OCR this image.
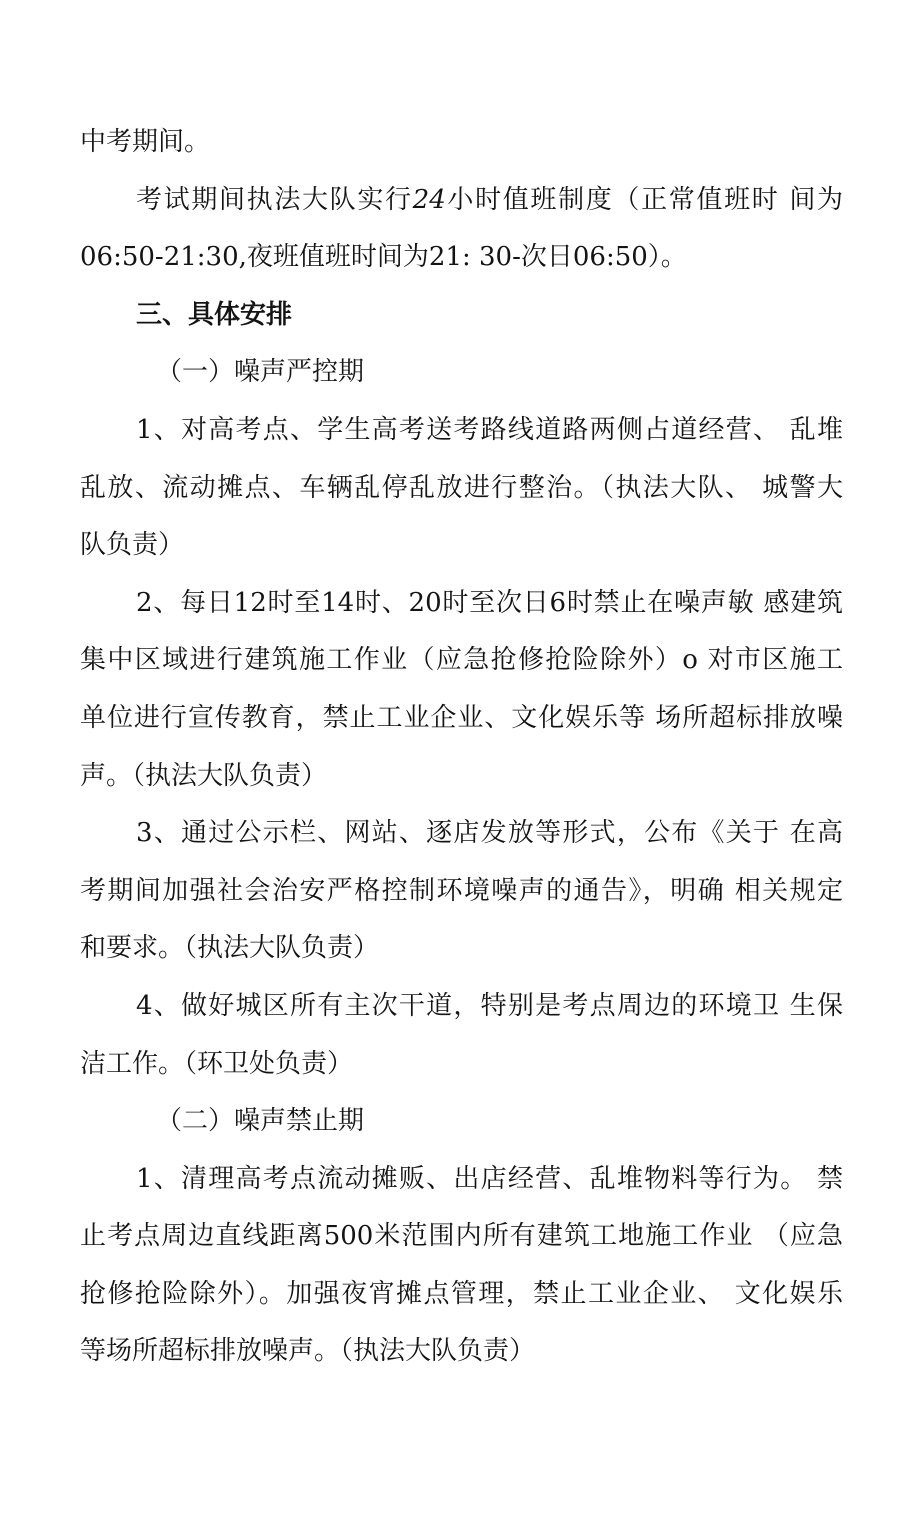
中考期间。
考试期间执法大队实行24小时值班制度（正常值班时 间为
06:50-21:30,夜班值班时间为21: 30-次日06:50）。
三、具体安排
（一）噪声严控期
1、对高考点、学生高考送考路线道路两侧占道经营、 乱堆
乱放、流动摊点、车辆乱停乱放进行整治。（执法大队、 城警大
队负责）
2、每日12时至14时、20时至次日6时禁止在噪声敏 感建筑
集中区域进行建筑施工作业（应急抢修抢险除外）o 对市区施工
单位进行宣传教育，禁止工业企业、文化娱乐等 场所超标排放噪
声。（执法大队负责）
3、通过公示栏、网站、逐店发放等形式，公布《关于 在高
考期间加强社会治安严格控制环境噪声的通告》，明确 相关规定
和要求。（执法大队负责）
4、做好城区所有主次干道，特别是考点周边的环境卫 生保
洁工作。（环卫处负责）
（二）噪声禁止期
1、清理高考点流动摊贩、出店经营、乱堆物料等行为。 禁
止考点周边直线距离500米范围内所有建筑工地施工作业 （应急
抢修抢险除外）。加强夜宵摊点管理，禁止工业企业、 文化娱乐
等场所超标排放噪声。（执法大队负责）
